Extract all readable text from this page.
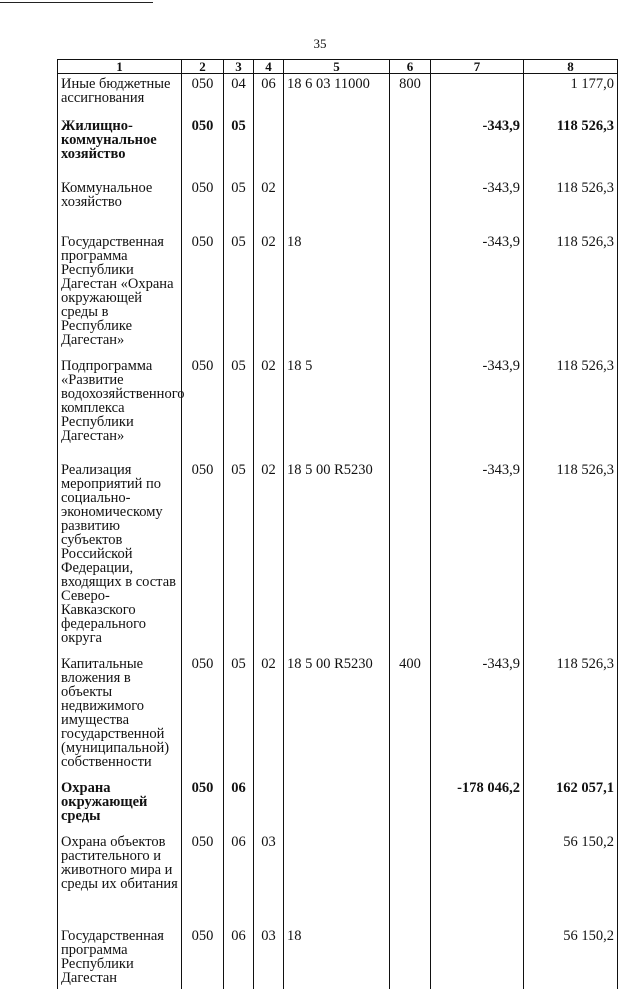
35
1	2	3	4	5	6	7	8
Иные бюджетные ассигнования	050	04	06	18 6 03 11000	800		1 177,0
Жилищно-коммунальное хозяйство	050	05				-343,9	118 526,3
Коммунальное хозяйство	050	05	02			-343,9	118 526,3
Государственная программа Республики Дагестан «Охрана окружающей среды в Республике Дагестан»	050	05	02	18		-343,9	118 526,3
Подпрограмма «Развитие водохозяйственного комплекса Республики Дагестан»	050	05	02	18 5		-343,9	118 526,3
Реализация мероприятий по социально-экономическому развитию субъектов Российской Федерации, входящих в состав Северо-Кавказского федерального округа	050	05	02	18 5 00 R5230		-343,9	118 526,3
Капитальные вложения в объекты недвижимого имущества государственной (муниципальной) собственности	050	05	02	18 5 00 R5230	400	-343,9	118 526,3
Охрана окружающей среды	050	06				-178 046,2	162 057,1
Охрана объектов растительного и животного мира и среды их обитания	050	06	03				56 150,2
Государственная программа Республики Дагестан	050	06	03	18			56 150,2
